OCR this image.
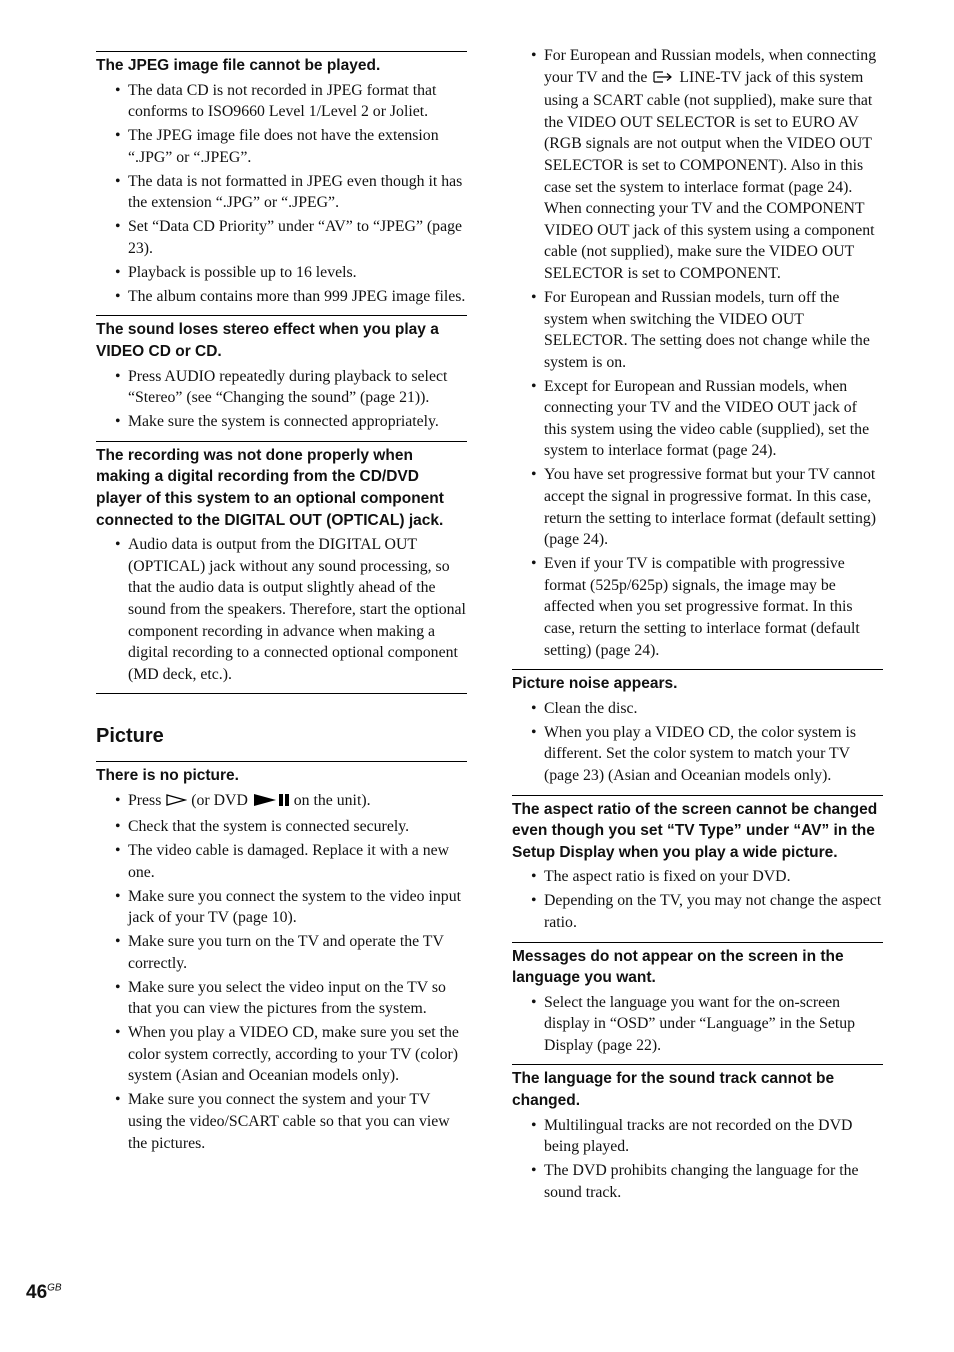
The JPEG image file cannot be played.
• The data CD is not recorded in JPEG format that conforms to ISO9660 Level 1/Level 2 or Joliet.
• The JPEG image file does not have the extension “.JPG” or “.JPEG”.
• The data is not formatted in JPEG even though it has the extension “.JPG” or “.JPEG”.
• Set “Data CD Priority” under “AV” to “JPEG” (page 23).
• Playback is possible up to 16 levels.
• The album contains more than 999 JPEG image files.
The sound loses stereo effect when you play a VIDEO CD or CD.
• Press AUDIO repeatedly during playback to select “Stereo” (see “Changing the sound” (page 21)).
• Make sure the system is connected appropriately.
The recording was not done properly when making a digital recording from the CD/DVD player of this system to an optional component connected to the DIGITAL OUT (OPTICAL) jack.
• Audio data is output from the DIGITAL OUT (OPTICAL) jack without any sound processing, so that the audio data is output slightly ahead of the sound from the speakers. Therefore, start the optional component recording in advance when making a digital recording to a connected optional component (MD deck, etc.).
Picture
There is no picture.
• Press (or DVD	on the unit).
• Check that the system is connected securely.
• The video cable is damaged. Replace it with a new one.
• Make sure you connect the system to the video input jack of your TV (page 10).
• Make sure you turn on the TV and operate the TV correctly.
• Make sure you select the video input on the TV so that you can view the pictures from the system.
• When you play a VIDEO CD, make sure you set the color system correctly, according to your TV (color) system (Asian and Oceanian models only).
• Make sure you connect the system and your TV using the video/SCART cable so that you can view the pictures.
• For European and Russian models, when connecting your TV and the LINE-TV jack of this system using a SCART cable (not supplied), make sure that the VIDEO OUT SELECTOR is set to EURO AV (RGB signals are not output when the VIDEO OUT SELECTOR is set to COMPONENT). Also in this case set the system to interlace format (page 24). When connecting your TV and the COMPONENT VIDEO OUT jack of this system using a component cable (not supplied), make sure the VIDEO OUT SELECTOR is set to COMPONENT.
• For European and Russian models, turn off the system when switching the VIDEO OUT SELECTOR. The setting does not change while the system is on.
• Except for European and Russian models, when connecting your TV and the VIDEO OUT jack of this system using the video cable (supplied), set the system to interlace format (page 24).
• You have set progressive format but your TV cannot accept the signal in progressive format. In this case, return the setting to interlace format (default setting) (page 24).
• Even if your TV is compatible with progressive format (525p/625p) signals, the image may be affected when you set progressive format. In this case, return the setting to interlace format (default setting) (page 24).
Picture noise appears.
• Clean the disc.
• When you play a VIDEO CD, the color system is different. Set the color system to match your TV (page 23) (Asian and Oceanian models only).
The aspect ratio of the screen cannot be changed even though you set “TV Type” under “AV” in the Setup Display when you play a wide picture.
• The aspect ratio is fixed on your DVD.
• Depending on the TV, you may not change the aspect ratio.
Messages do not appear on the screen in the language you want.
• Select the language you want for the on-screen display in “OSD” under “Language” in the Setup Display (page 22).
The language for the sound track cannot be changed.
• Multilingual tracks are not recorded on the DVD being played.
• The DVD prohibits changing the language for the sound track.
$46^{GB}$
